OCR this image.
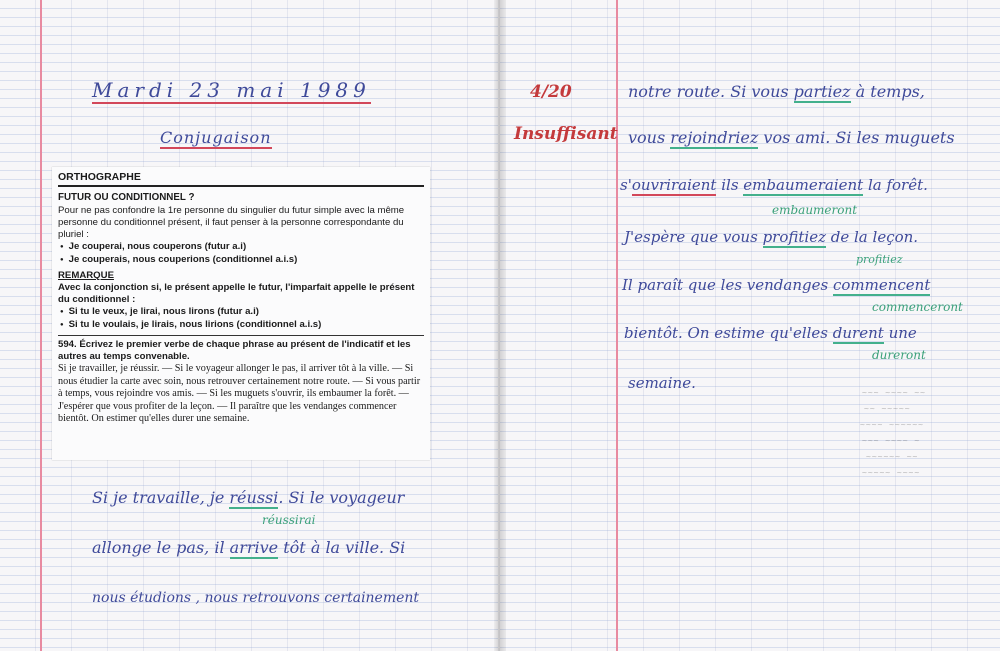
Mardi 23 mai 1989
Conjugaison
ORTHOGRAPHE
FUTUR OU CONDITIONNEL ?

Pour ne pas confondre la 1re personne du singulier du futur simple avec la même personne du conditionnel présent, il faut penser à la personne correspondante du pluriel :

● Je couperai, nous couperons (futur a.i)

● Je couperais, nous couperions (conditionnel a.i.s)

REMARQUE

Avec la conjonction si, le présent appelle le futur, l'imparfait appelle le présent du conditionnel :

● Si tu le veux, je lirai, nous lirons (futur a.i)

● Si tu le voulais, je lirais, nous lirions (conditionnel a.i.s)

594. Écrivez le premier verbe de chaque phrase au présent de l'indicatif et les autres au temps convenable.

Si je travailler, je réussir. — Si le voyageur allonger le pas, il arriver tôt à la ville. — Si nous étudier la carte avec soin, nous retrouver certainement notre route. — Si vous partir à temps, vous rejoindre vos amis. — Si les muguets s'ouvrir, ils embaumer la forêt. — J'espérer que vous profiter de la leçon. — Il paraître que les vendanges commencer bientôt. On estimer qu'elles durer une semaine.

Si je travaille, je réussi. Si le voyageur
réussirai
allonge le pas, il arrive tôt à la ville. Si
nous étudions , nous retrouvons certainement
4/20
Insuffisant
notre route. Si vous partiez à temps,
vous rejoindriez vos ami. Si les muguets
s'ouvriraient ils embaumeraient la forêt.
embaumeront
J'espère que vous profitiez de la leçon.
profitiez
Il paraît que les vendanges commencent
commenceront
bientôt. On estime qu'elles durent une
dureront
semaine.
~~~ ~~~~ ~~
~~ ~~~~~
~~~~ ~~~~~~
~~~ ~~~~ ~
~~~~~~ ~~
~~~~~ ~~~~
